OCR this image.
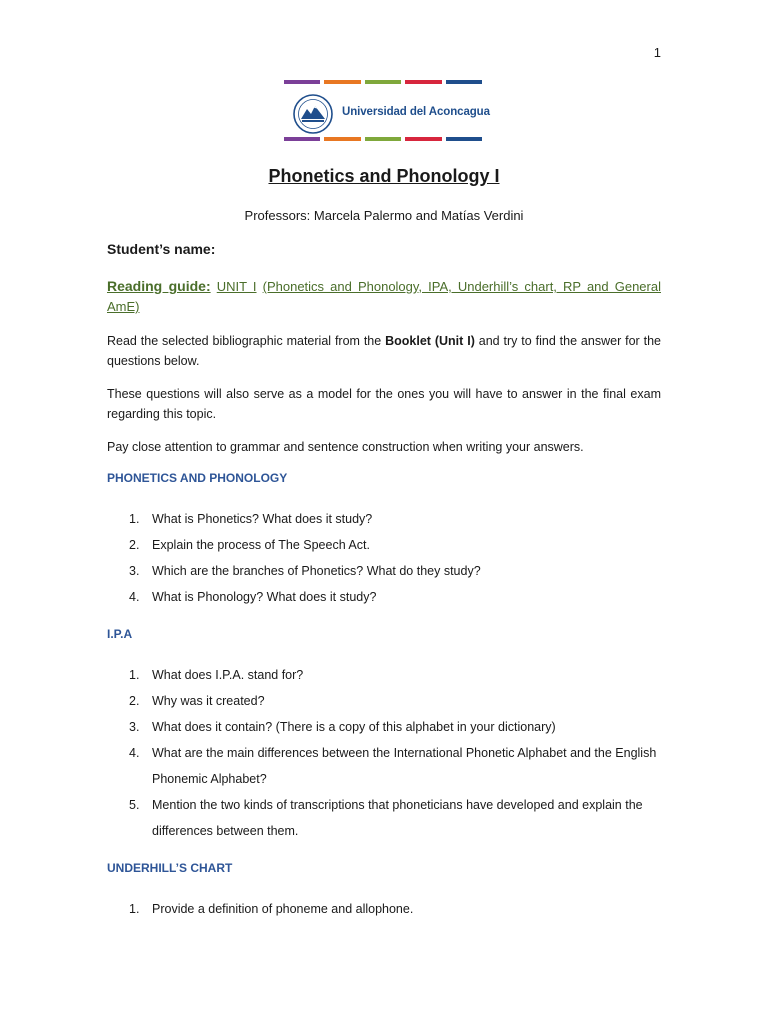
1
Universidad del Aconcagua
Phonetics and Phonology I
Professors: Marcela Palermo and Matías Verdini
Student’s name:
Reading guide: UNIT I (Phonetics and Phonology, IPA, Underhill’s chart, RP and General AmE)

Read the selected bibliographic material from the Booklet (Unit I) and try to find the answer for the questions below.

These questions will also serve as a model for the ones you will have to answer in the final exam regarding this topic.

Pay close attention to grammar and sentence construction when writing your answers.

PHONETICS AND PHONOLOGY
1. What is Phonetics? What does it study?
2. Explain the process of The Speech Act.
3. Which are the branches of Phonetics? What do they study?
4. What is Phonology? What does it study?
I.P.A
1. What does I.P.A. stand for?
2. Why was it created?
3. What does it contain? (There is a copy of this alphabet in your dictionary)
4. What are the main differences between the International Phonetic Alphabet and the English Phonemic Alphabet?
5. Mention the two kinds of transcriptions that phoneticians have developed and explain the differences between them.
UNDERHILL’S CHART
1. Provide a definition of phoneme and allophone.
